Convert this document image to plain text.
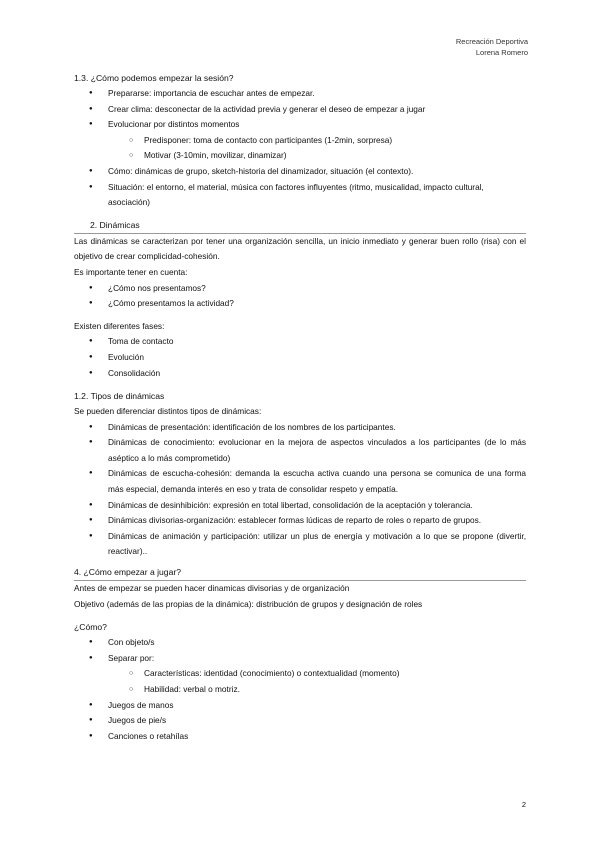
Recreación Deportiva
Lorena Romero

1.3. ¿Cómo podemos empezar la sesión?

● Prepararse: importancia de escuchar antes de empezar.
● Crear clima: desconectar de la actividad previa y generar el deseo de empezar a jugar
● Evolucionar por distintos momentos
○ Predisponer: toma de contacto con participantes (1-2min, sorpresa)
○ Motivar (3-10min, movilizar, dinamizar)
● Cómo: dinámicas de grupo, sketch-historia del dinamizador, situación (el contexto).
● Situación: el entorno, el material, música con factores influyentes (ritmo, musicalidad, impacto cultural, asociación)

2. Dinámicas

Las dinámicas se caracterizan por tener una organización sencilla, un inicio inmediato y generar buen rollo (risa) con el objetivo de crear complicidad-cohesión.

Es importante tener en cuenta:

● ¿Cómo nos presentamos?
● ¿Cómo presentamos la actividad?

Existen diferentes fases:

● Toma de contacto
● Evolución
● Consolidación

1.2. Tipos de dinámicas

Se pueden diferenciar distintos tipos de dinámicas:

● Dinámicas de presentación: identificación de los nombres de los participantes.
● Dinámicas de conocimiento: evolucionar en la mejora de aspectos vinculados a los participantes (de lo más aséptico a lo más comprometido)
● Dinámicas de escucha-cohesión: demanda la escucha activa cuando una persona se comunica de una forma más especial, demanda interés en eso y trata de consolidar respeto y empatía.
● Dinámicas de desinhibición: expresión en total libertad, consolidación de la aceptación y tolerancia.
● Dinámicas divisorias-organización: establecer formas lúdicas de reparto de roles o reparto de grupos.
● Dinámicas de animación y participación: utilizar un plus de energía y motivación a lo que se propone (divertir, reactivar)..

4. ¿Cómo empezar a jugar?

Antes de empezar se pueden hacer dinamicas divisorias y de organización

Objetivo (además de las propias de la dinámica): distribución de grupos y designación de roles

¿Cómo?

● Con objeto/s
● Separar por:
○ Características: identidad (conocimiento) o contextualidad (momento)
○ Habilidad: verbal o motriz.
● Juegos de manos
● Juegos de pie/s
● Canciones o retahílas
2
